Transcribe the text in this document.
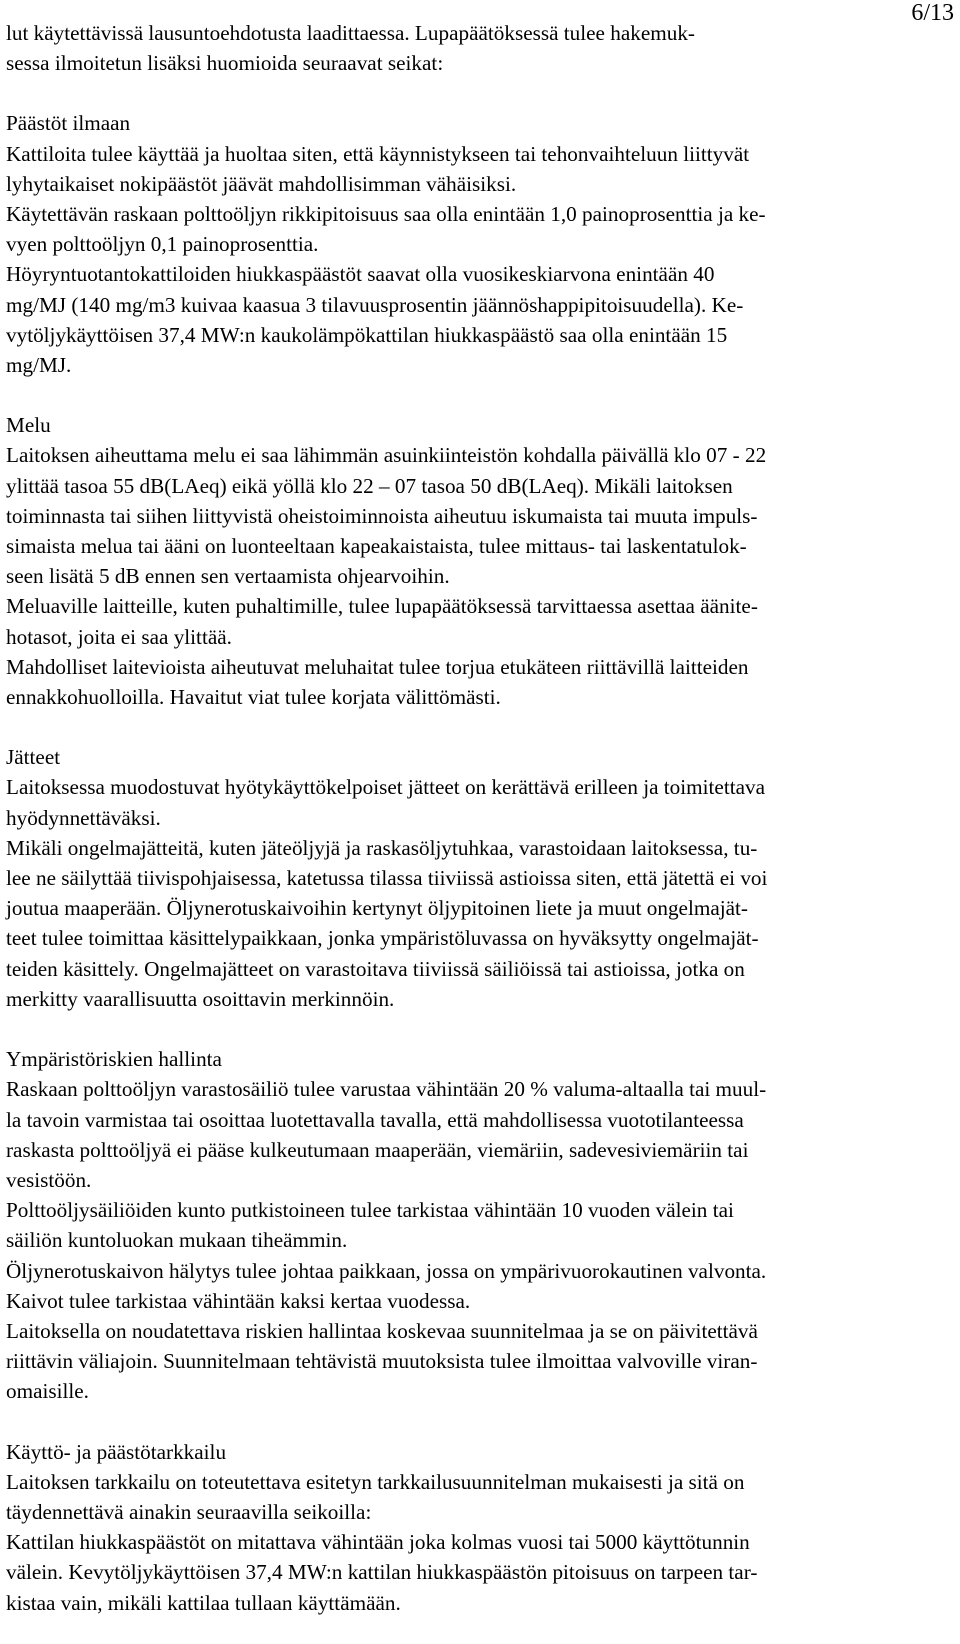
6/13
lut käytettävissä lausuntoehdotusta laadittaessa. Lupapäätöksessä tulee hakemuk-
sessa ilmoitetun lisäksi huomioida seuraavat seikat:
Päästöt ilmaan
Kattiloita tulee käyttää ja huoltaa siten, että käynnistykseen tai tehonvaihteluun liittyvät
lyhytaikaiset nokipäästöt jäävät mahdollisimman vähäisiksi.
Käytettävän raskaan polttoöljyn rikkipitoisuus saa olla enintään 1,0 painoprosenttia ja ke-
vyen polttoöljyn 0,1 painoprosenttia.
Höyryntuotantokattiloiden hiukkaspäästöt saavat olla vuosikeskiarvona enintään 40
mg/MJ (140 mg/m3 kuivaa kaasua 3 tilavuusprosentin jäännöshappipitoisuudella). Ke-
vytöljykäyttöisen 37,4 MW:n kaukolämpökattilan hiukkaspäästö saa olla enintään 15
mg/MJ.
Melu
Laitoksen aiheuttama melu ei saa lähimmän asuinkiinteistön kohdalla päivällä klo 07 - 22
ylittää tasoa 55 dB(LAeq) eikä yöllä klo 22 – 07 tasoa 50 dB(LAeq). Mikäli laitoksen
toiminnasta tai siihen liittyvistä oheistoiminnoista aiheutuu iskumaista tai muuta impuls-
simaista melua tai ääni on luonteeltaan kapeakaistaista, tulee mittaus- tai laskentatulok-
seen lisätä 5 dB ennen sen vertaamista ohjearvoihin.
Meluaville laitteille, kuten puhaltimille, tulee lupapäätöksessä tarvittaessa asettaa äänite-
hotasot, joita ei saa ylittää.
Mahdolliset laitevioista aiheutuvat meluhaitat tulee torjua etukäteen riittävillä laitteiden
ennakkohuolloilla. Havaitut viat tulee korjata välittömästi.
Jätteet
Laitoksessa muodostuvat hyötykäyttökelpoiset jätteet on kerättävä erilleen ja toimitettava
hyödynnettäväksi.
Mikäli ongelmajätteitä, kuten jäteöljyjä ja raskasöljytuhkaa, varastoidaan laitoksessa, tu-
lee ne säilyttää tiivispohjaisessa, katetussa tilassa tiiviissä astioissa siten, että jätettä ei voi
joutua maaperään. Öljynerotuskaivoihin kertynyt öljypitoinen liete ja muut ongelmajät-
teet tulee toimittaa käsittelypaikkaan, jonka ympäristöluvassa on hyväksytty ongelmajät-
teiden käsittely. Ongelmajätteet on varastoitava tiiviissä säiliöissä tai astioissa, jotka on
merkitty vaarallisuutta osoittavin merkinnöin.
Ympäristöriskien hallinta
Raskaan polttoöljyn varastosäiliö tulee varustaa vähintään 20 % valuma-altaalla tai muul-
la tavoin varmistaa tai osoittaa luotettavalla tavalla, että mahdollisessa vuototilanteessa
raskasta polttoöljyä ei pääse kulkeutumaan maaperään, viemäriin, sadevesiviemäriin tai
vesistöön.
Polttoöljysäiliöiden kunto putkistoineen tulee tarkistaa vähintään 10 vuoden välein tai
säiliön kuntoluokan mukaan tiheämmin.
Öljynerotuskaivon hälytys tulee johtaa paikkaan, jossa on ympärivuorokautinen valvonta.
Kaivot tulee tarkistaa vähintään kaksi kertaa vuodessa.
Laitoksella on noudatettava riskien hallintaa koskevaa suunnitelmaa ja se on päivitettävä
riittävin väliajoin. Suunnitelmaan tehtävistä muutoksista tulee ilmoittaa valvoville viran-
omaisille.
Käyttö- ja päästötarkkailu
Laitoksen tarkkailu on toteutettava esitetyn tarkkailusuunnitelman mukaisesti ja sitä on
täydennettävä ainakin seuraavilla seikoilla:
Kattilan hiukkaspäästöt on mitattava vähintään joka kolmas vuosi tai 5000 käyttötunnin
välein. Kevytöljykäyttöisen 37,4 MW:n kattilan hiukkaspäästön pitoisuus on tarpeen tar-
kistaa vain, mikäli kattilaa tullaan käyttämään.
